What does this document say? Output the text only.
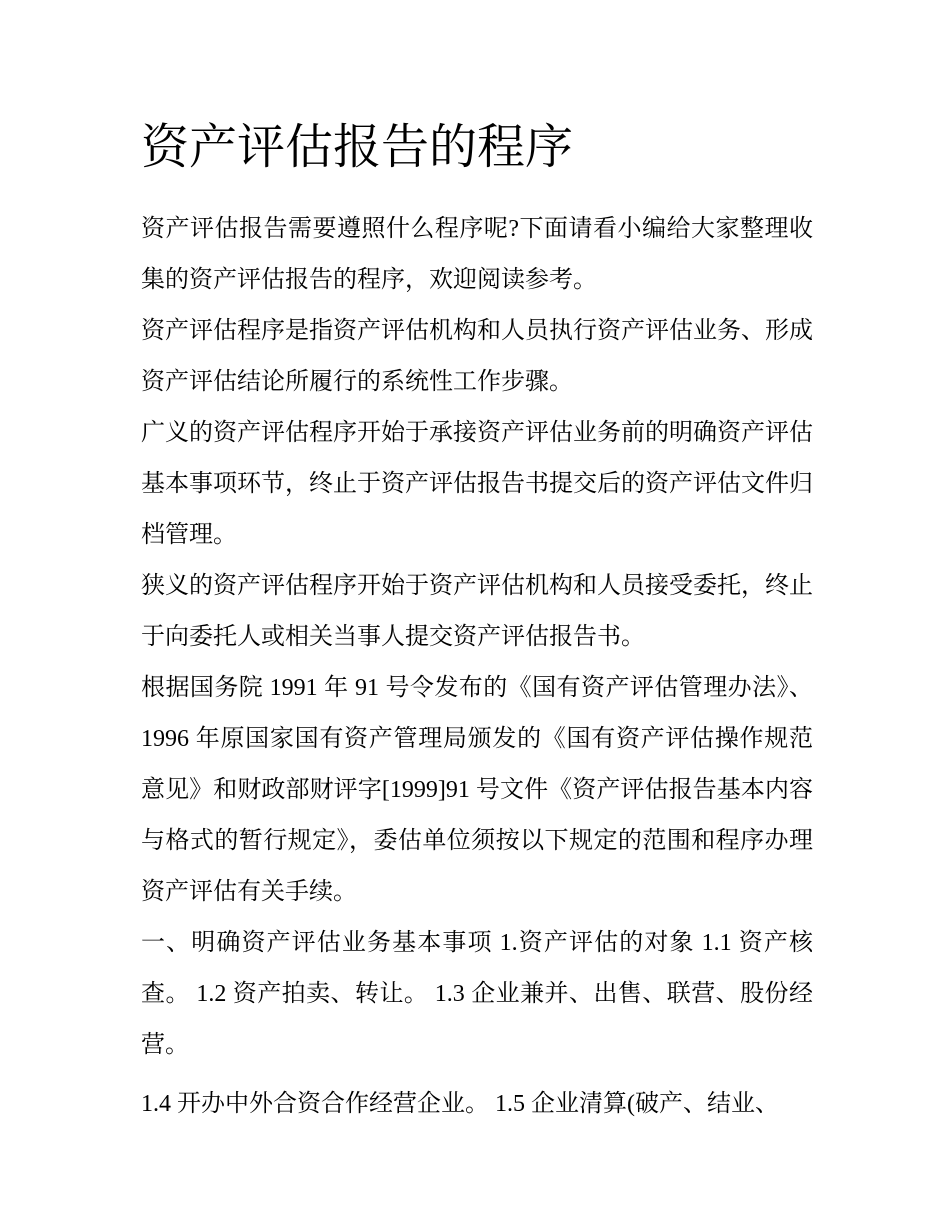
资产评估报告的程序

资产评估报告需要遵照什么程序呢?下面请看小编给大家整理收集的资产评估报告的程序，欢迎阅读参考。

资产评估程序是指资产评估机构和人员执行资产评估业务、形成资产评估结论所履行的系统性工作步骤。

广义的资产评估程序开始于承接资产评估业务前的明确资产评估基本事项环节，终止于资产评估报告书提交后的资产评估文件归档管理。

狭义的资产评估程序开始于资产评估机构和人员接受委托，终止于向委托人或相关当事人提交资产评估报告书。

根据国务院 1991 年 91 号令发布的《国有资产评估管理办法》、1996 年原国家国有资产管理局颁发的《国有资产评估操作规范意见》和财政部财评字[1999]91 号文件《资产评估报告基本内容与格式的暂行规定》，委估单位须按以下规定的范围和程序办理资产评估有关手续。

一、明确资产评估业务基本事项 1.资产评估的对象 1.1 资产核查。 1.2 资产拍卖、转让。 1.3 企业兼并、出售、联营、股份经营。

1.4 开办中外合资合作经营企业。 1.5 企业清算(破产、结业、
